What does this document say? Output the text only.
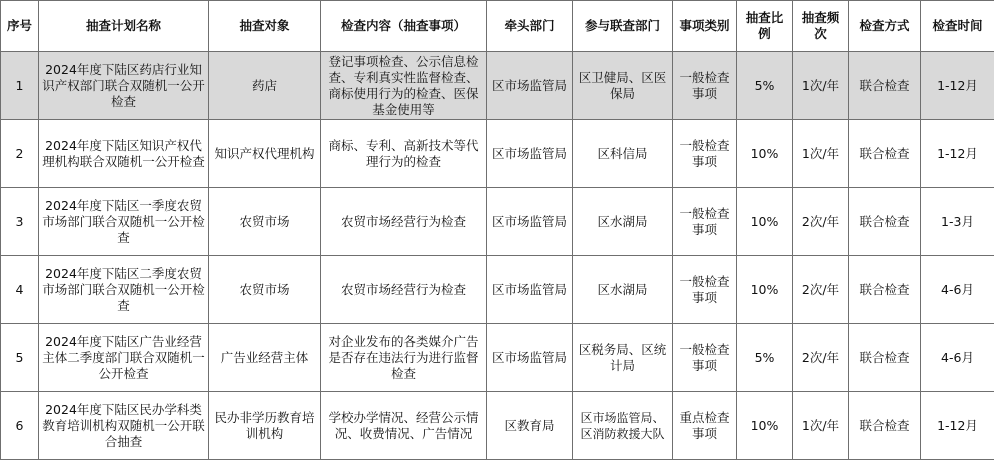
序号	抽查计划名称	抽查对象	检查内容（抽查事项）	牵头部门	参与联查部门	事项类别	抽查比例	抽查频次	检查方式	检查时间
1	2024年度下陆区药店行业知识产权部门联合双随机一公开检查	药店	登记事项检查、公示信息检查、专利真实性监督检查、商标使用行为的检查、医保基金使用等	区市场监管局	区卫健局、区医保局	一般检查事项	5%	1次/年	联合检查	1-12月
2	2024年度下陆区知识产权代理机构联合双随机一公开检查	知识产权代理机构	商标、专利、高新技术等代理行为的检查	区市场监管局	区科信局	一般检查事项	10%	1次/年	联合检查	1-12月
3	2024年度下陆区一季度农贸市场部门联合双随机一公开检查	农贸市场	农贸市场经营行为检查	区市场监管局	区水湖局	一般检查事项	10%	2次/年	联合检查	1-3月
4	2024年度下陆区二季度农贸市场部门联合双随机一公开检查	农贸市场	农贸市场经营行为检查	区市场监管局	区水湖局	一般检查事项	10%	2次/年	联合检查	4-6月
5	2024年度下陆区广告业经营主体二季度部门联合双随机一公开检查	广告业经营主体	对企业发布的各类媒介广告是否存在违法行为进行监督检查	区市场监管局	区税务局、区统计局	一般检查事项	5%	2次/年	联合检查	4-6月
6	2024年度下陆区民办学科类教育培训机构双随机一公开联合抽查	民办非学历教育培训机构	学校办学情况、经营公示情况、收费情况、广告情况	区教育局	区市场监管局、区消防救援大队	重点检查事项	10%	1次/年	联合检查	1-12月
